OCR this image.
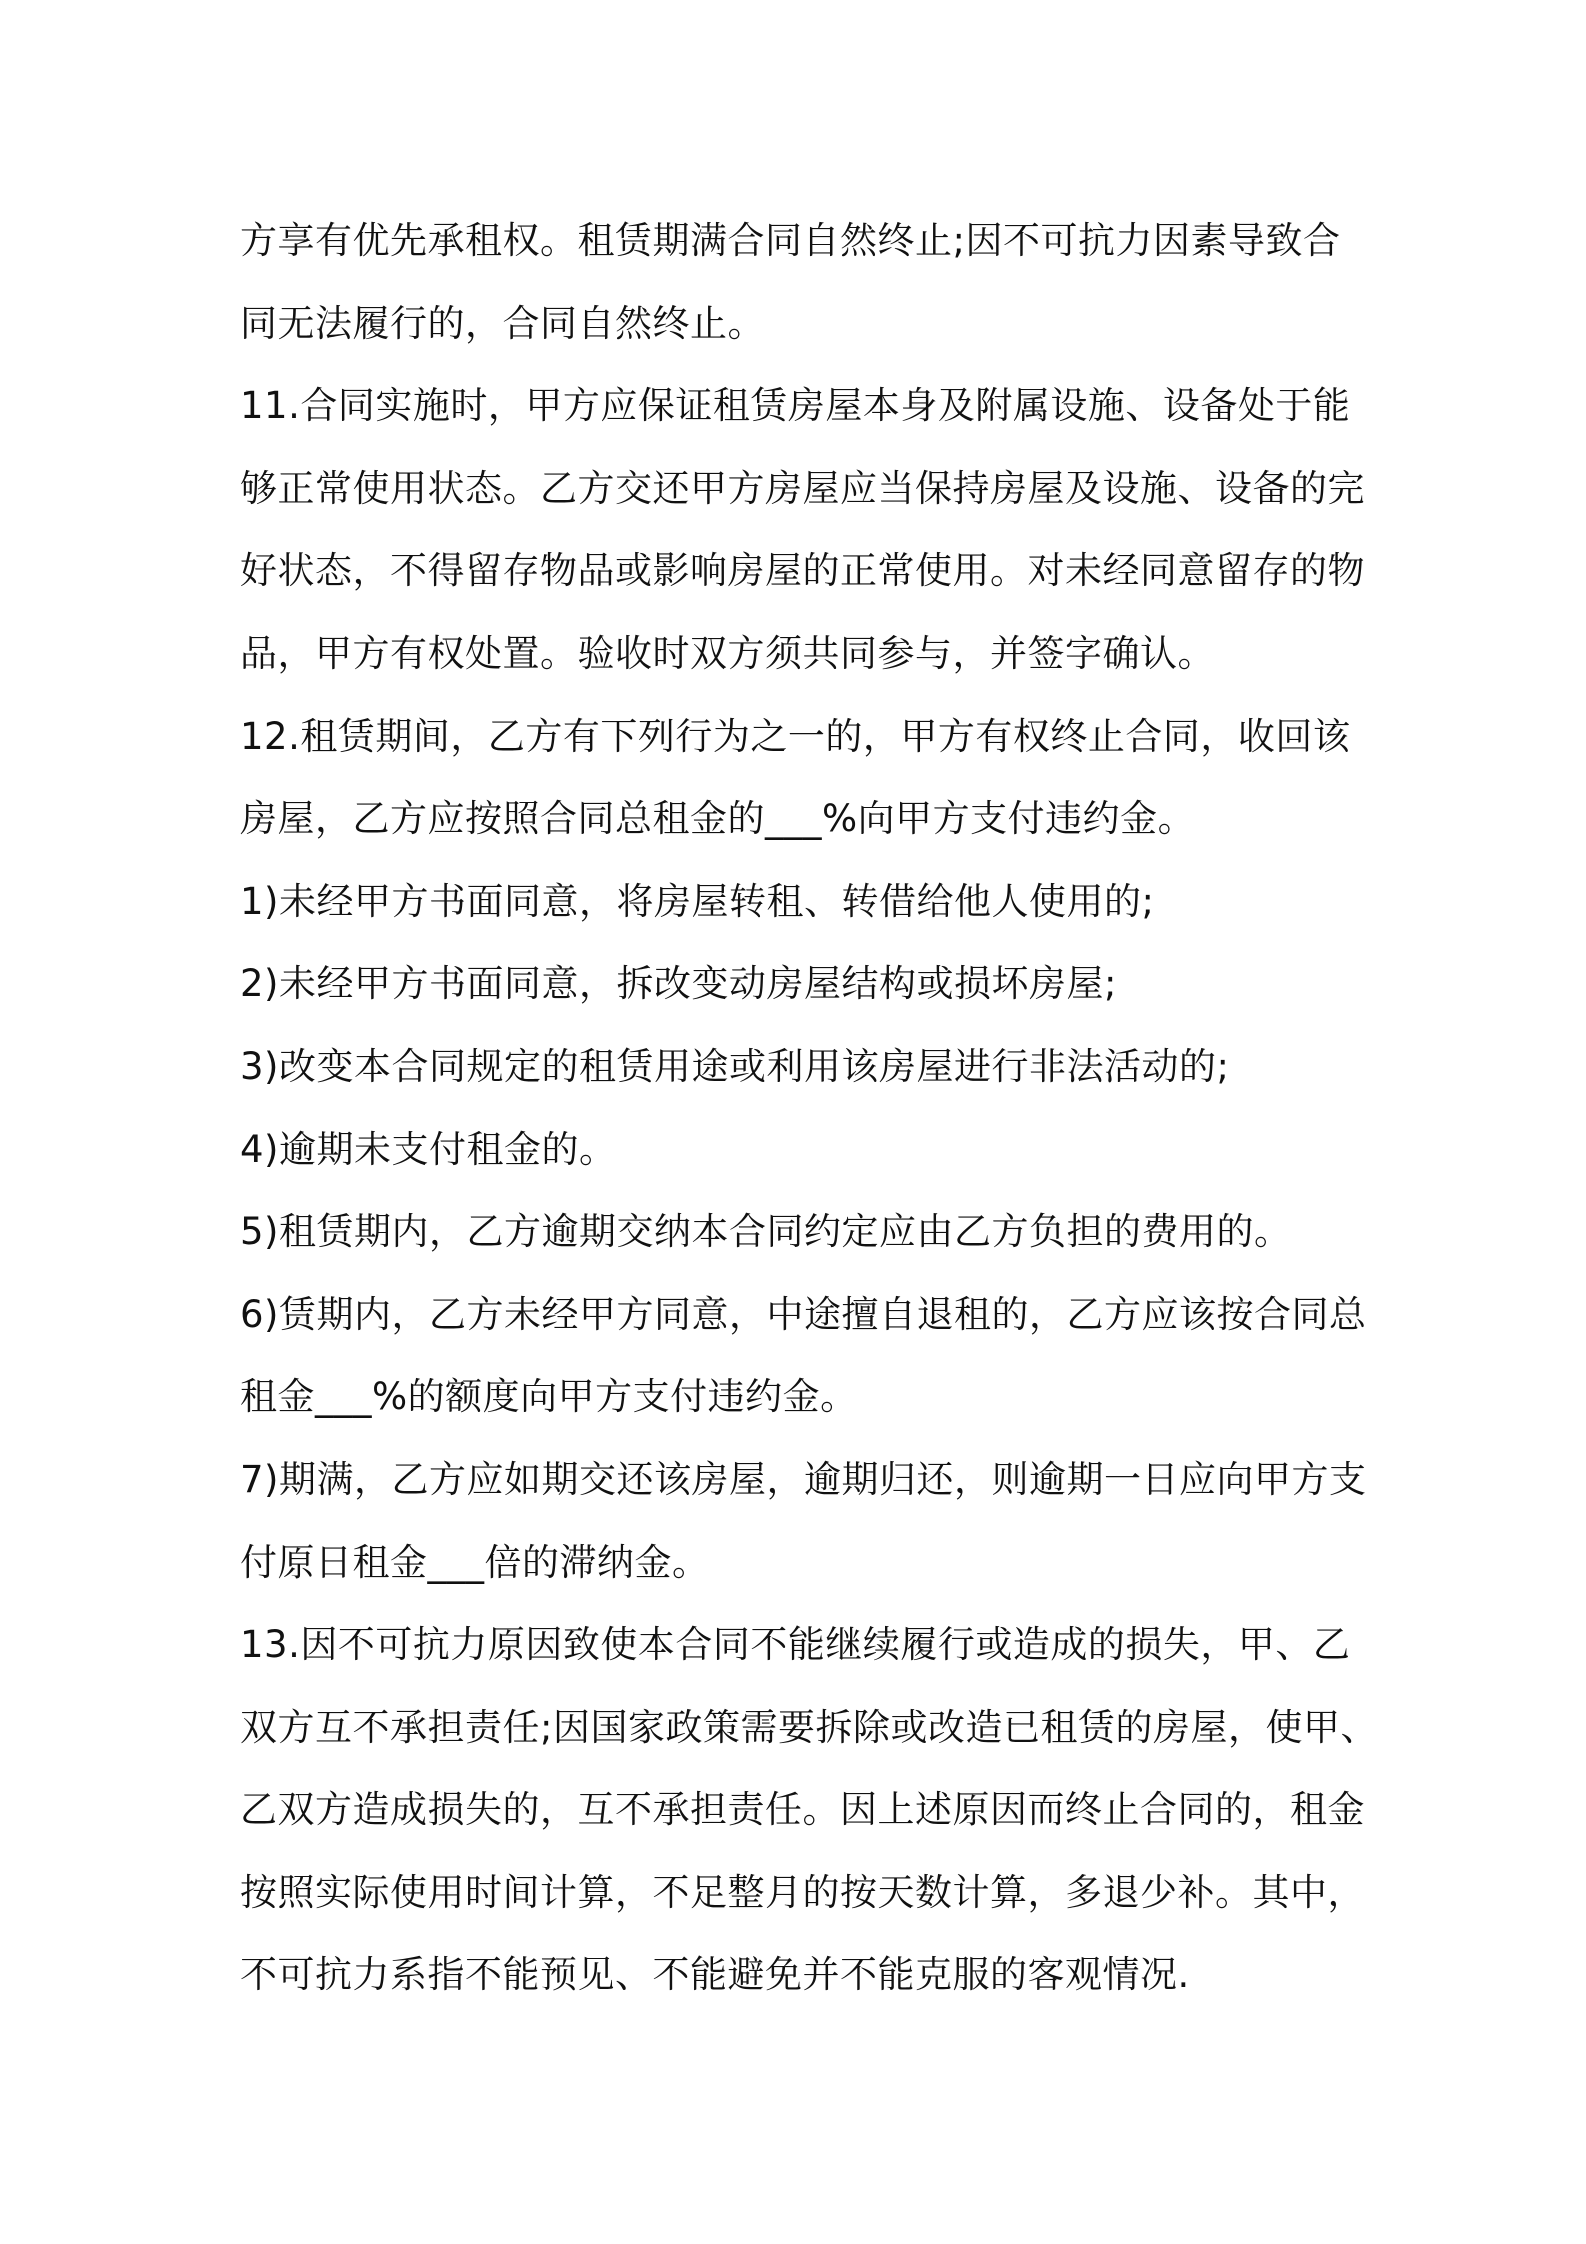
方享有优先承租权。租赁期满合同自然终止;因不可抗力因素导致合
同无法履行的，合同自然终止。
11.合同实施时，甲方应保证租赁房屋本身及附属设施、设备处于能
够正常使用状态。乙方交还甲方房屋应当保持房屋及设施、设备的完
好状态，不得留存物品或影响房屋的正常使用。对未经同意留存的物
品，甲方有权处置。验收时双方须共同参与，并签字确认。
12.租赁期间，乙方有下列行为之一的，甲方有权终止合同，收回该
房屋，乙方应按照合同总租金的___%向甲方支付违约金。
1)未经甲方书面同意，将房屋转租、转借给他人使用的;
2)未经甲方书面同意，拆改变动房屋结构或损坏房屋;
3)改变本合同规定的租赁用途或利用该房屋进行非法活动的;
4)逾期未支付租金的。
5)租赁期内，乙方逾期交纳本合同约定应由乙方负担的费用的。
6)赁期内，乙方未经甲方同意，中途擅自退租的，乙方应该按合同总
租金___%的额度向甲方支付违约金。
7)期满，乙方应如期交还该房屋，逾期归还，则逾期一日应向甲方支
付原日租金___倍的滞纳金。
13.因不可抗力原因致使本合同不能继续履行或造成的损失，甲、乙
双方互不承担责任;因国家政策需要拆除或改造已租赁的房屋，使甲、
乙双方造成损失的，互不承担责任。因上述原因而终止合同的，租金
按照实际使用时间计算，不足整月的按天数计算，多退少补。其中，
不可抗力系指不能预见、不能避免并不能克服的客观情况.
